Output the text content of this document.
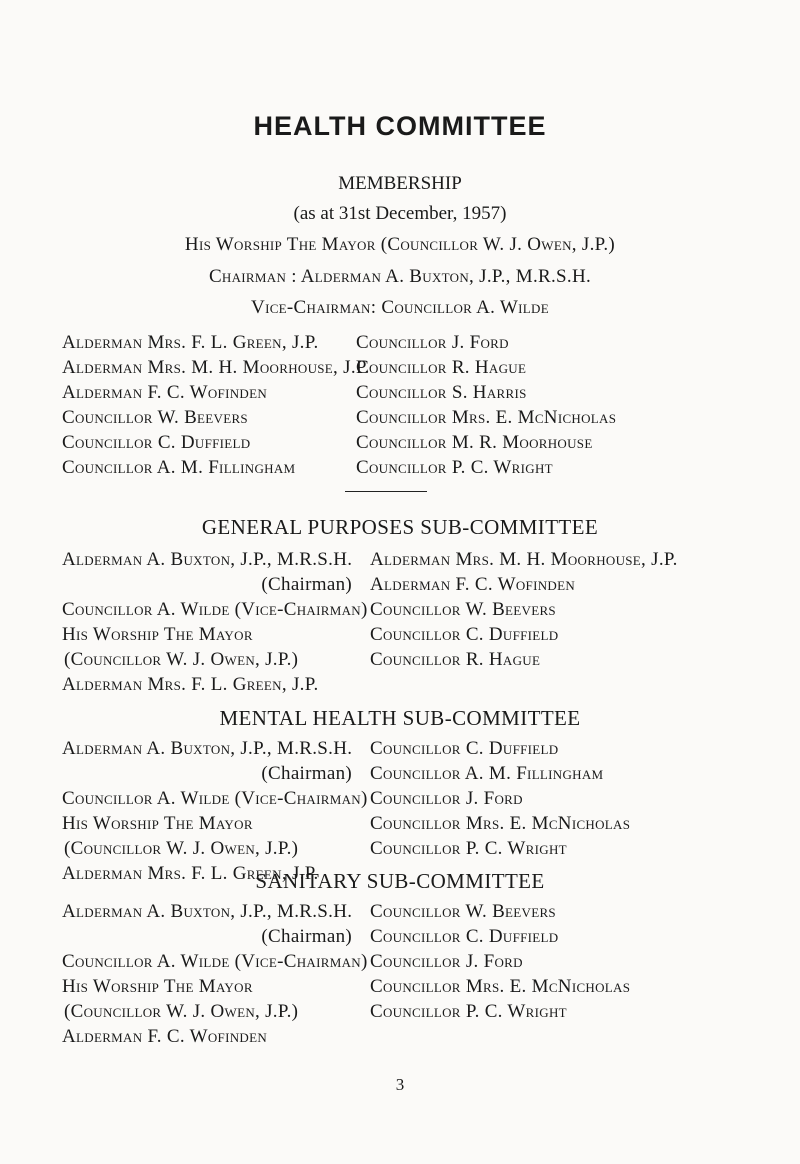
HEALTH COMMITTEE
MEMBERSHIP
(as at 31st December, 1957)
His Worship The Mayor (Councillor W. J. Owen, J.P.)
Chairman : Alderman A. Buxton, J.P., M.R.S.H.
Vice-Chairman: Councillor A. Wilde
Alderman Mrs. F. L. Green, J.P.
Alderman Mrs. M. H. Moorhouse, J.P.
Alderman F. C. Wofinden
Councillor W. Beevers
Councillor C. Duffield
Councillor A. M. Fillingham
Councillor J. Ford
Councillor R. Hague
Councillor S. Harris
Councillor Mrs. E. McNicholas
Councillor M. R. Moorhouse
Councillor P. C. Wright
GENERAL PURPOSES SUB-COMMITTEE
Alderman A. Buxton, J.P., M.R.S.H.
(Chairman)
Councillor A. Wilde (Vice-Chairman)
His Worship The Mayor
(Councillor W. J. Owen, J.P.)
Alderman Mrs. F. L. Green, J.P.
Alderman Mrs. M. H. Moorhouse, J.P.
Alderman F. C. Wofinden
Councillor W. Beevers
Councillor C. Duffield
Councillor R. Hague
MENTAL HEALTH SUB-COMMITTEE
Alderman A. Buxton, J.P., M.R.S.H.
(Chairman)
Councillor A. Wilde (Vice-Chairman)
His Worship The Mayor
(Councillor W. J. Owen, J.P.)
Alderman Mrs. F. L. Green, J.P.
Councillor C. Duffield
Councillor A. M. Fillingham
Councillor J. Ford
Councillor Mrs. E. McNicholas
Councillor P. C. Wright
SANITARY SUB-COMMITTEE
Alderman A. Buxton, J.P., M.R.S.H.
(Chairman)
Councillor A. Wilde (Vice-Chairman)
His Worship The Mayor
(Councillor W. J. Owen, J.P.)
Alderman F. C. Wofinden
Councillor W. Beevers
Councillor C. Duffield
Councillor J. Ford
Councillor Mrs. E. McNicholas
Councillor P. C. Wright
3
